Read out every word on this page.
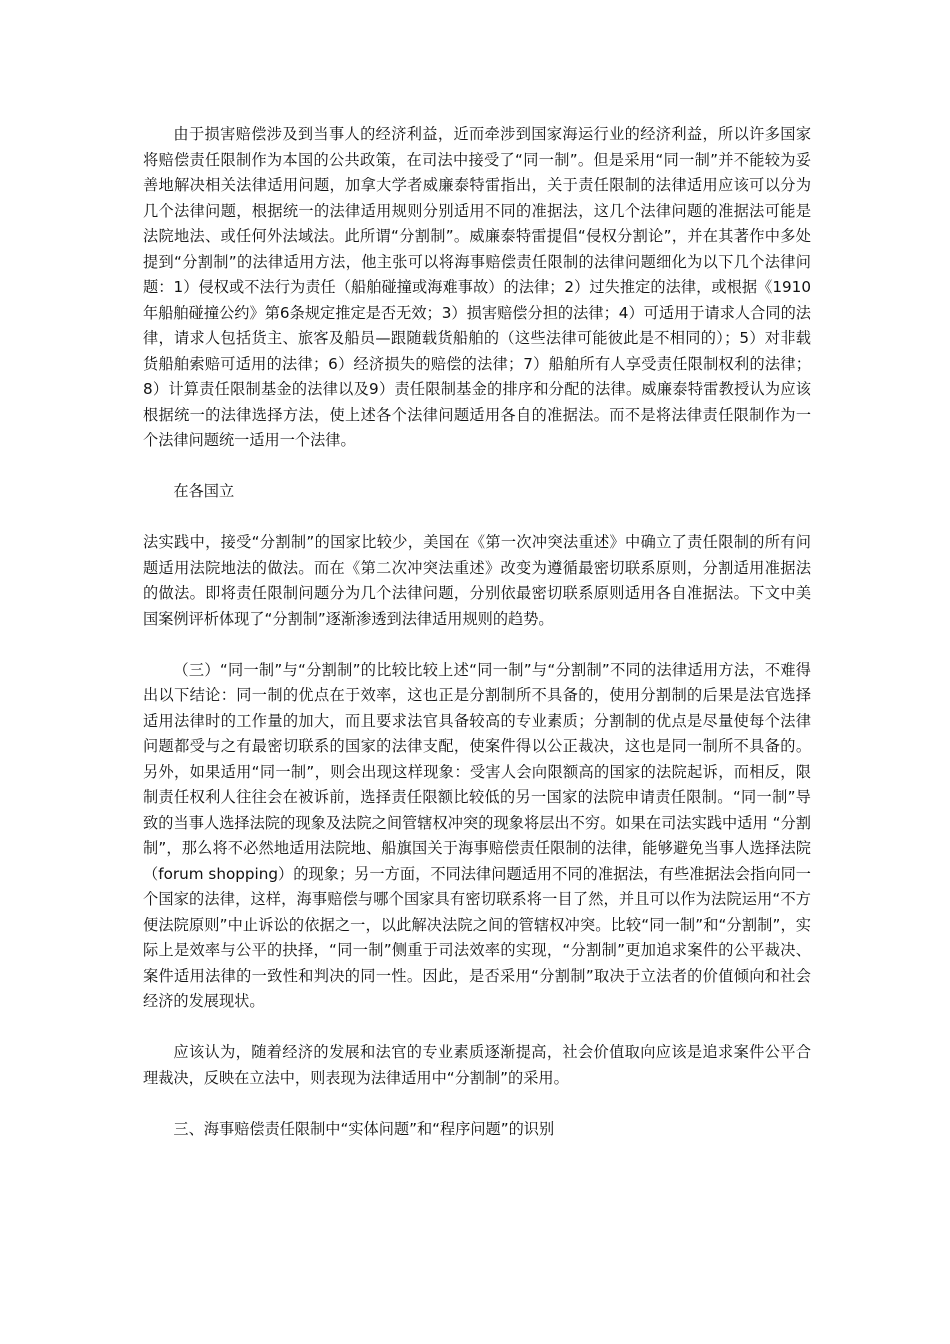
由于损害赔偿涉及到当事人的经济利益，近而牵涉到国家海运行业的经济利益，所以许多国家将赔偿责任限制作为本国的公共政策，在司法中接受了“同一制”。但是采用“同一制”并不能较为妥善地解决相关法律适用问题，加拿大学者威廉泰特雷指出，关于责任限制的法律适用应该可以分为几个法律问题，根据统一的法律适用规则分别适用不同的准据法，这几个法律问题的准据法可能是法院地法、或任何外法域法。此所谓“分割制”。威廉泰特雷提倡“侵权分割论”，并在其著作中多处提到“分割制”的法律适用方法，他主张可以将海事赔偿责任限制的法律问题细化为以下几个法律问题：1）侵权或不法行为责任（船舶碰撞或海难事故）的法律；2）过失推定的法律，或根据《1910年船舶碰撞公约》第6条规定推定是否无效；3）损害赔偿分担的法律；4）可适用于请求人合同的法律，请求人包括货主、旅客及船员—跟随载货船舶的（这些法律可能彼此是不相同的）；5）对非载货船舶索赔可适用的法律；6）经济损失的赔偿的法律；7）船舶所有人享受责任限制权利的法律；8）计算责任限制基金的法律以及9）责任限制基金的排序和分配的法律。威廉泰特雷教授认为应该根据统一的法律选择方法，使上述各个法律问题适用各自的准据法。而不是将法律责任限制作为一个法律问题统一适用一个法律。

在各国立

法实践中，接受“分割制”的国家比较少，美国在《第一次冲突法重述》中确立了责任限制的所有问题适用法院地法的做法。而在《第二次冲突法重述》改变为遵循最密切联系原则，分割适用准据法的做法。即将责任限制问题分为几个法律问题，分别依最密切联系原则适用各自准据法。下文中美国案例评析体现了“分割制”逐渐渗透到法律适用规则的趋势。

（三）“同一制”与“分割制”的比较比较上述“同一制”与“分割制”不同的法律适用方法，不难得出以下结论：同一制的优点在于效率，这也正是分割制所不具备的，使用分割制的后果是法官选择适用法律时的工作量的加大，而且要求法官具备较高的专业素质；分割制的优点是尽量使每个法律问题都受与之有最密切联系的国家的法律支配，使案件得以公正裁决，这也是同一制所不具备的。另外，如果适用“同一制”，则会出现这样现象：受害人会向限额高的国家的法院起诉，而相反，限制责任权利人往往会在被诉前，选择责任限额比较低的另一国家的法院申请责任限制。“同一制”导致的当事人选择法院的现象及法院之间管辖权冲突的现象将层出不穷。如果在司法实践中适用 “分割制”，那么将不必然地适用法院地、船旗国关于海事赔偿责任限制的法律，能够避免当事人选择法院（forum shopping）的现象；另一方面，不同法律问题适用不同的准据法，有些准据法会指向同一个国家的法律，这样，海事赔偿与哪个国家具有密切联系将一目了然，并且可以作为法院运用“不方便法院原则”中止诉讼的依据之一，以此解决法院之间的管辖权冲突。比较“同一制”和“分割制”，实际上是效率与公平的抉择，“同一制”侧重于司法效率的实现，“分割制”更加追求案件的公平裁决、案件适用法律的一致性和判决的同一性。因此，是否采用“分割制”取决于立法者的价值倾向和社会经济的发展现状。

应该认为，随着经济的发展和法官的专业素质逐渐提高，社会价值取向应该是追求案件公平合理裁决，反映在立法中，则表现为法律适用中“分割制”的采用。

三、海事赔偿责任限制中“实体问题”和“程序问题”的识别
